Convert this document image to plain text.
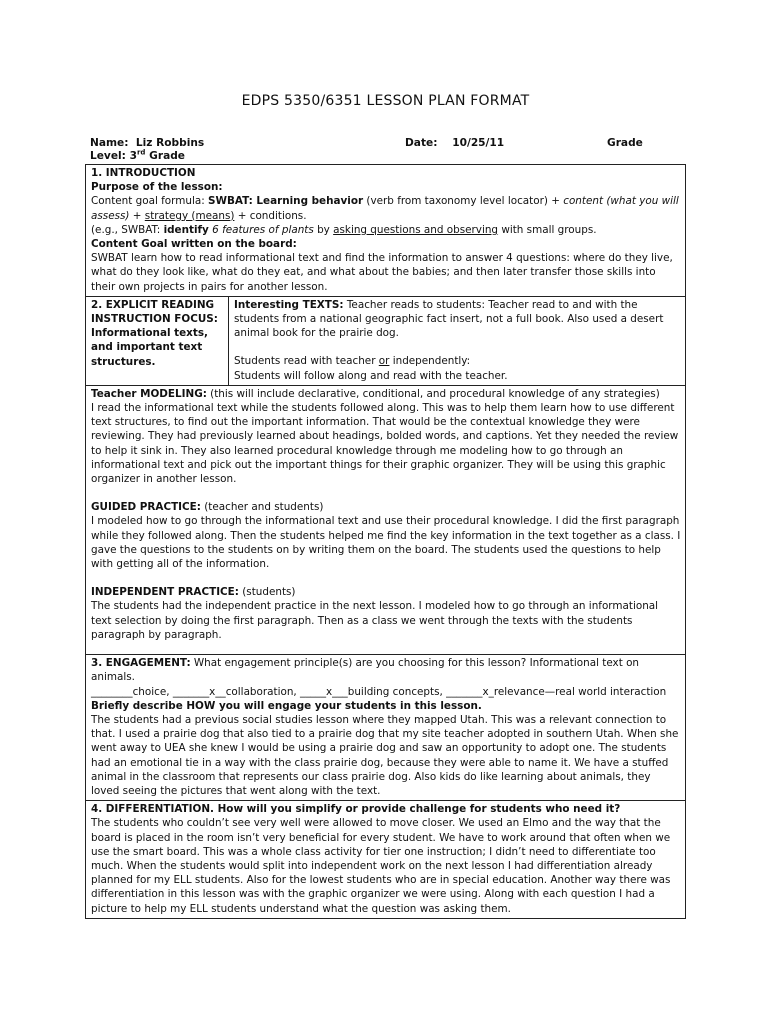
EDPS 5350/6351 LESSON PLAN FORMAT
Name: Liz Robbins	Date: 10/25/11	Grade
Level: 3rd Grade

1. INTRODUCTION

Purpose of the lesson:

Content goal formula: SWBAT: Learning behavior (verb from taxonomy level locator) + content (what you will assess) + strategy (means) + conditions.

(e.g., SWBAT: identify 6 features of plants by asking questions and observing with small groups.

Content Goal written on the board:

SWBAT learn how to read informational text and find the information to answer 4 questions: where do they live, what do they look like, what do they eat, and what about the babies; and then later transfer those skills into their own projects in pairs for another lesson.

2. EXPLICIT READING INSTRUCTION FOCUS: Informational texts, and important text structures.

Interesting TEXTS: Teacher reads to students: Teacher read to and with the students from a national geographic fact insert, not a full book. Also used a desert animal book for the prairie dog.

Students read with teacher or independently:

Students will follow along and read with the teacher.

Teacher MODELING: (this will include declarative, conditional, and procedural knowledge of any strategies)

I read the informational text while the students followed along. This was to help them learn how to use different text structures, to find out the important information. That would be the contextual knowledge they were reviewing. They had previously learned about headings, bolded words, and captions. Yet they needed the review to help it sink in. They also learned procedural knowledge through me modeling how to go through an informational text and pick out the important things for their graphic organizer. They will be using this graphic organizer in another lesson.

GUIDED PRACTICE: (teacher and students)

I modeled how to go through the informational text and use their procedural knowledge. I did the first paragraph while they followed along. Then the students helped me find the key information in the text together as a class. I gave the questions to the students on by writing them on the board. The students used the questions to help with getting all of the information.

INDEPENDENT PRACTICE: (students)

The students had the independent practice in the next lesson. I modeled how to go through an informational text selection by doing the first paragraph. Then as a class we went through the texts with the students paragraph by paragraph.

3. ENGAGEMENT: What engagement principle(s) are you choosing for this lesson? Informational text on animals.

________choice, _______x__collaboration, _____x___building concepts, _______x_relevance—real world interaction

Briefly describe HOW you will engage your students in this lesson.

The students had a previous social studies lesson where they mapped Utah. This was a relevant connection to that. I used a prairie dog that also tied to a prairie dog that my site teacher adopted in southern Utah. When she went away to UEA she knew I would be using a prairie dog and saw an opportunity to adopt one. The students had an emotional tie in a way with the class prairie dog, because they were able to name it. We have a stuffed animal in the classroom that represents our class prairie dog. Also kids do like learning about animals, they loved seeing the pictures that went along with the text.

4. DIFFERENTIATION. How will you simplify or provide challenge for students who need it?

The students who couldn’t see very well were allowed to move closer. We used an Elmo and the way that the board is placed in the room isn’t very beneficial for every student. We have to work around that often when we use the smart board. This was a whole class activity for tier one instruction; I didn’t need to differentiate too much. When the students would split into independent work on the next lesson I had differentiation already planned for my ELL students. Also for the lowest students who are in special education. Another way there was differentiation in this lesson was with the graphic organizer we were using. Along with each question I had a picture to help my ELL students understand what the question was asking them.
